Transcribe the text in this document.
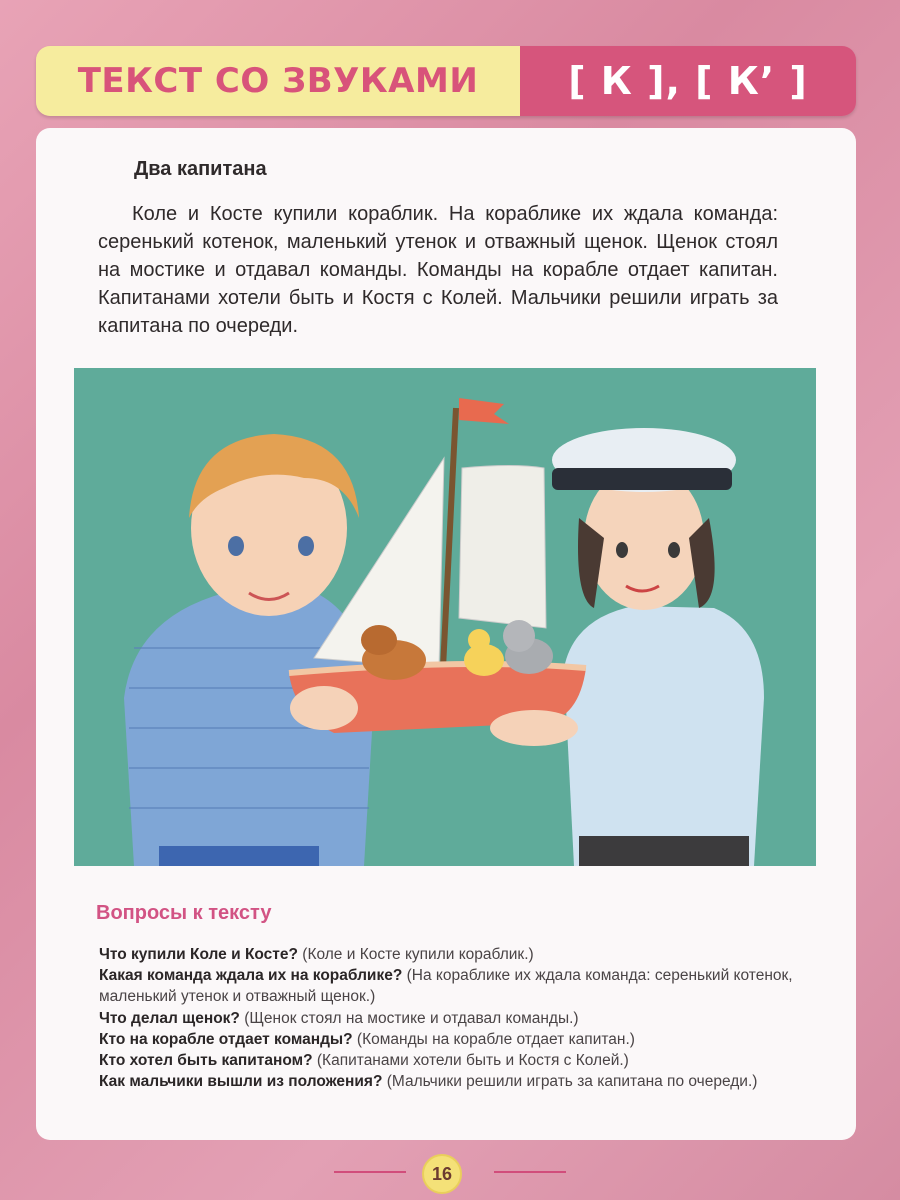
ТЕКСТ СО ЗВУКАМИ [ К ], [ К’ ]
Два капитана

Коле и Косте купили кораблик. На кораблике их ждала команда: серенький котенок, маленький утенок и отважный щенок. Щенок стоял на мостике и отдавал команды. Команды на корабле отдает капитан. Капитанами хотели быть и Костя с Колей. Мальчики решили играть за капитана по очереди.

Вопросы к тексту

Что купили Коле и Косте? (Коле и Косте купили кораблик.)

Какая команда ждала их на кораблике? (На кораблике их ждала команда: серенький котенок, маленький утенок и отважный щенок.)

Что делал щенок? (Щенок стоял на мостике и отдавал команды.)

Кто на корабле отдает команды? (Команды на корабле отдает капитан.)

Кто хотел быть капитаном? (Капитанами хотели быть и Костя с Колей.)

Как мальчики вышли из положения? (Мальчики решили играть за капитана по очереди.)

16
